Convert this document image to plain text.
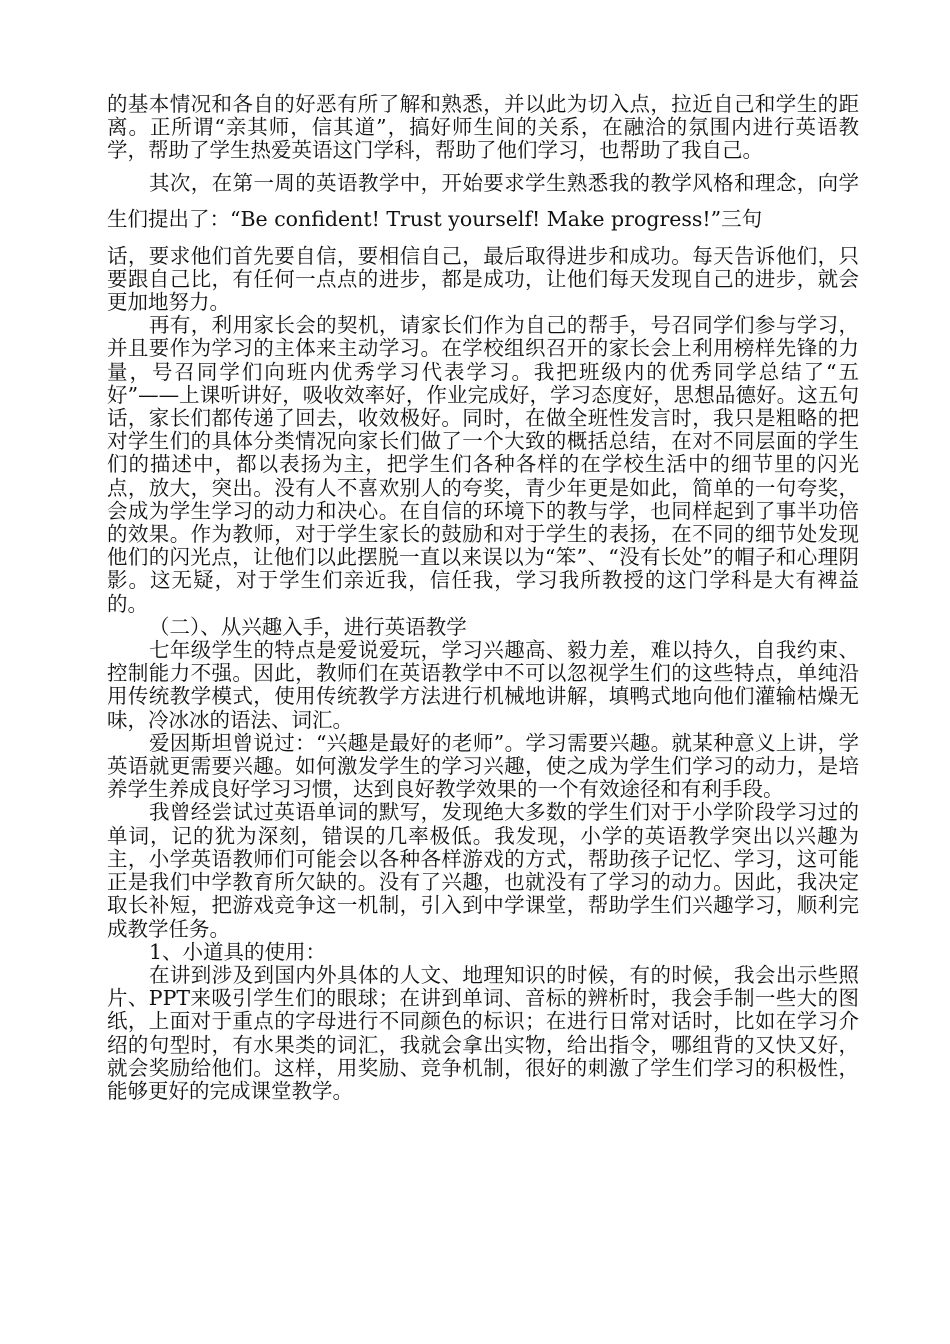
的基本情况和各自的好恶有所了解和熟悉，并以此为切入点，拉近自己和学生的距离。正所谓“亲其师，信其道”，搞好师生间的关系，在融洽的氛围内进行英语教学，帮助了学生热爱英语这门学科，帮助了他们学习，也帮助了我自己。

其次，在第一周的英语教学中，开始要求学生熟悉我的教学风格和理念，向学生们提出了：“Be confident! Trust yourself! Make progress!”三句

话，要求他们首先要自信，要相信自己，最后取得进步和成功。每天告诉他们，只要跟自己比，有任何一点点的进步，都是成功，让他们每天发现自己的进步，就会更加地努力。

再有，利用家长会的契机，请家长们作为自己的帮手，号召同学们参与学习，并且要作为学习的主体来主动学习。在学校组织召开的家长会上利用榜样先锋的力量，号召同学们向班内优秀学习代表学习。我把班级内的优秀同学总结了“五好”——上课听讲好，吸收效率好，作业完成好，学习态度好，思想品德好。这五句话，家长们都传递了回去，收效极好。同时，在做全班性发言时，我只是粗略的把对学生们的具体分类情况向家长们做了一个大致的概括总结，在对不同层面的学生们的描述中，都以表扬为主，把学生们各种各样的在学校生活中的细节里的闪光点，放大，突出。没有人不喜欢别人的夸奖，青少年更是如此，简单的一句夸奖，会成为学生学习的动力和决心。在自信的环境下的教与学，也同样起到了事半功倍的效果。作为教师，对于学生家长的鼓励和对于学生的表扬，在不同的细节处发现他们的闪光点，让他们以此摆脱一直以来误以为“笨”、“没有长处”的帽子和心理阴影。这无疑，对于学生们亲近我，信任我，学习我所教授的这门学科是大有裨益的。

（二）、从兴趣入手，进行英语教学

七年级学生的特点是爱说爱玩，学习兴趣高、毅力差，难以持久，自我约束、控制能力不强。因此，教师们在英语教学中不可以忽视学生们的这些特点，单纯沿用传统教学模式，使用传统教学方法进行机械地讲解，填鸭式地向他们灌输枯燥无味，冷冰冰的语法、词汇。

爱因斯坦曾说过：“兴趣是最好的老师”。学习需要兴趣。就某种意义上讲，学英语就更需要兴趣。如何激发学生的学习兴趣，使之成为学生们学习的动力，是培养学生养成良好学习习惯，达到良好教学效果的一个有效途径和有利手段。

我曾经尝试过英语单词的默写，发现绝大多数的学生们对于小学阶段学习过的单词，记的犹为深刻，错误的几率极低。我发现，小学的英语教学突出以兴趣为主，小学英语教师们可能会以各种各样游戏的方式，帮助孩子记忆、学习，这可能正是我们中学教育所欠缺的。没有了兴趣，也就没有了学习的动力。因此，我决定取长补短，把游戏竞争这一机制，引入到中学课堂，帮助学生们兴趣学习，顺利完成教学任务。

1、小道具的使用：

在讲到涉及到国内外具体的人文、地理知识的时候，有的时候，我会出示些照片、PPT来吸引学生们的眼球；在讲到单词、音标的辨析时，我会手制一些大的图纸，上面对于重点的字母进行不同颜色的标识；在进行日常对话时，比如在学习介绍的句型时，有水果类的词汇，我就会拿出实物，给出指令，哪组背的又快又好，就会奖励给他们。这样，用奖励、竞争机制，很好的刺激了学生们学习的积极性，能够更好的完成课堂教学。
